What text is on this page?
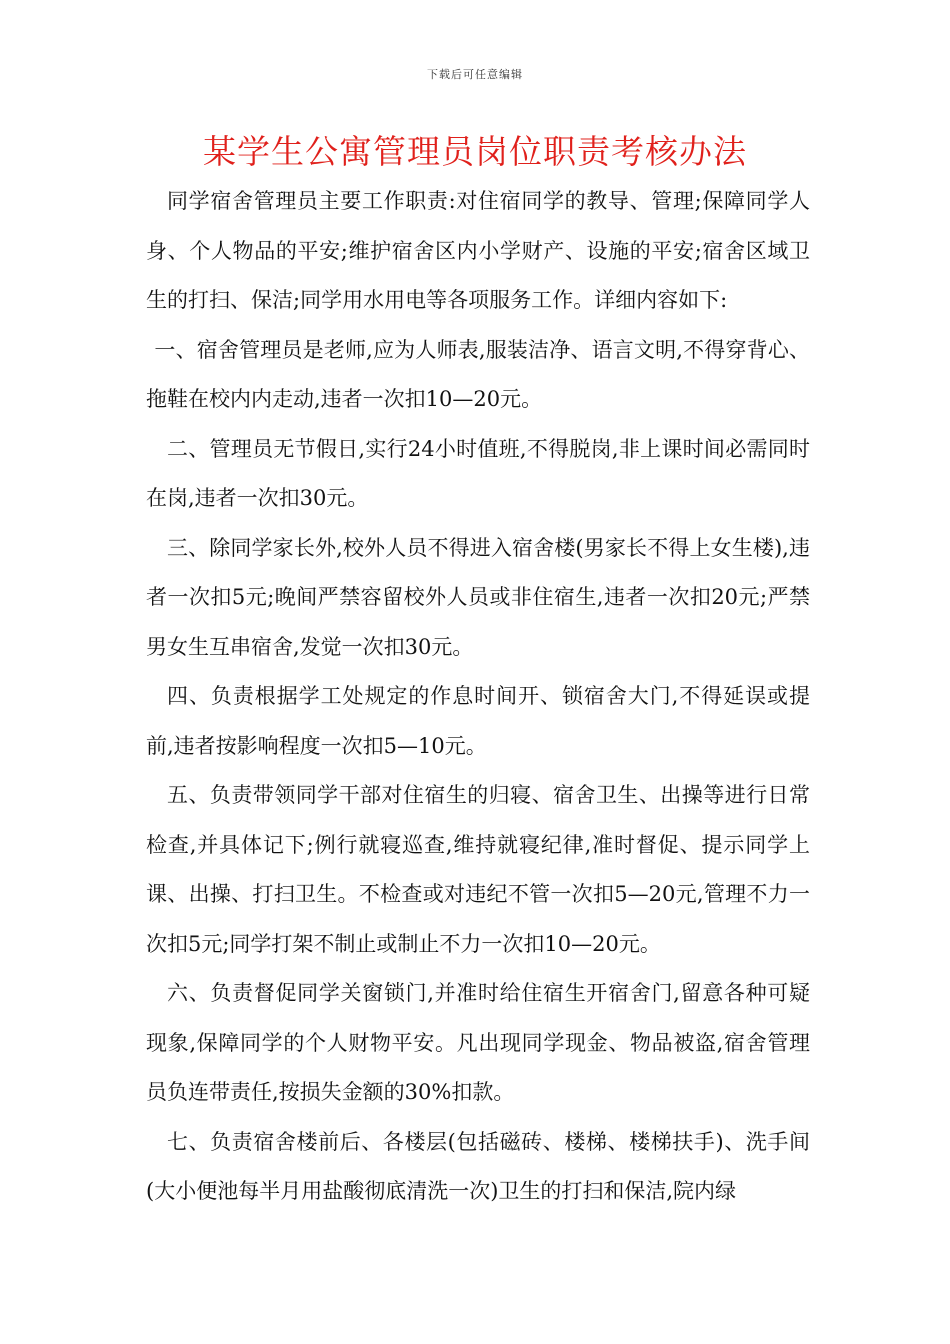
下载后可任意编辑
某学生公寓管理员岗位职责考核办法

同学宿舍管理员主要工作职责:对住宿同学的教导、管理;保障同学人身、个人物品的平安;维护宿舍区内小学财产、设施的平安;宿舍区域卫生的打扫、保洁;同学用水用电等各项服务工作。详细内容如下:

一、宿舍管理员是老师,应为人师表,服装洁净、语言文明,不得穿背心、拖鞋在校内内走动,违者一次扣10—20元。

二、管理员无节假日,实行24小时值班,不得脱岗,非上课时间必需同时在岗,违者一次扣30元。

三、除同学家长外,校外人员不得进入宿舍楼(男家长不得上女生楼),违者一次扣5元;晚间严禁容留校外人员或非住宿生,违者一次扣20元;严禁男女生互串宿舍,发觉一次扣30元。

四、负责根据学工处规定的作息时间开、锁宿舍大门,不得延误或提前,违者按影响程度一次扣5—10元。

五、负责带领同学干部对住宿生的归寝、宿舍卫生、出操等进行日常检查,并具体记下;例行就寝巡查,维持就寝纪律,准时督促、提示同学上课、出操、打扫卫生。不检查或对违纪不管一次扣5—20元,管理不力一次扣5元;同学打架不制止或制止不力一次扣10—20元。

六、负责督促同学关窗锁门,并准时给住宿生开宿舍门,留意各种可疑现象,保障同学的个人财物平安。凡出现同学现金、物品被盗,宿舍管理员负连带责任,按损失金额的30%扣款。

七、负责宿舍楼前后、各楼层(包括磁砖、楼梯、楼梯扶手)、洗手间(大小便池每半月用盐酸彻底清洗一次)卫生的打扫和保洁,院内绿
